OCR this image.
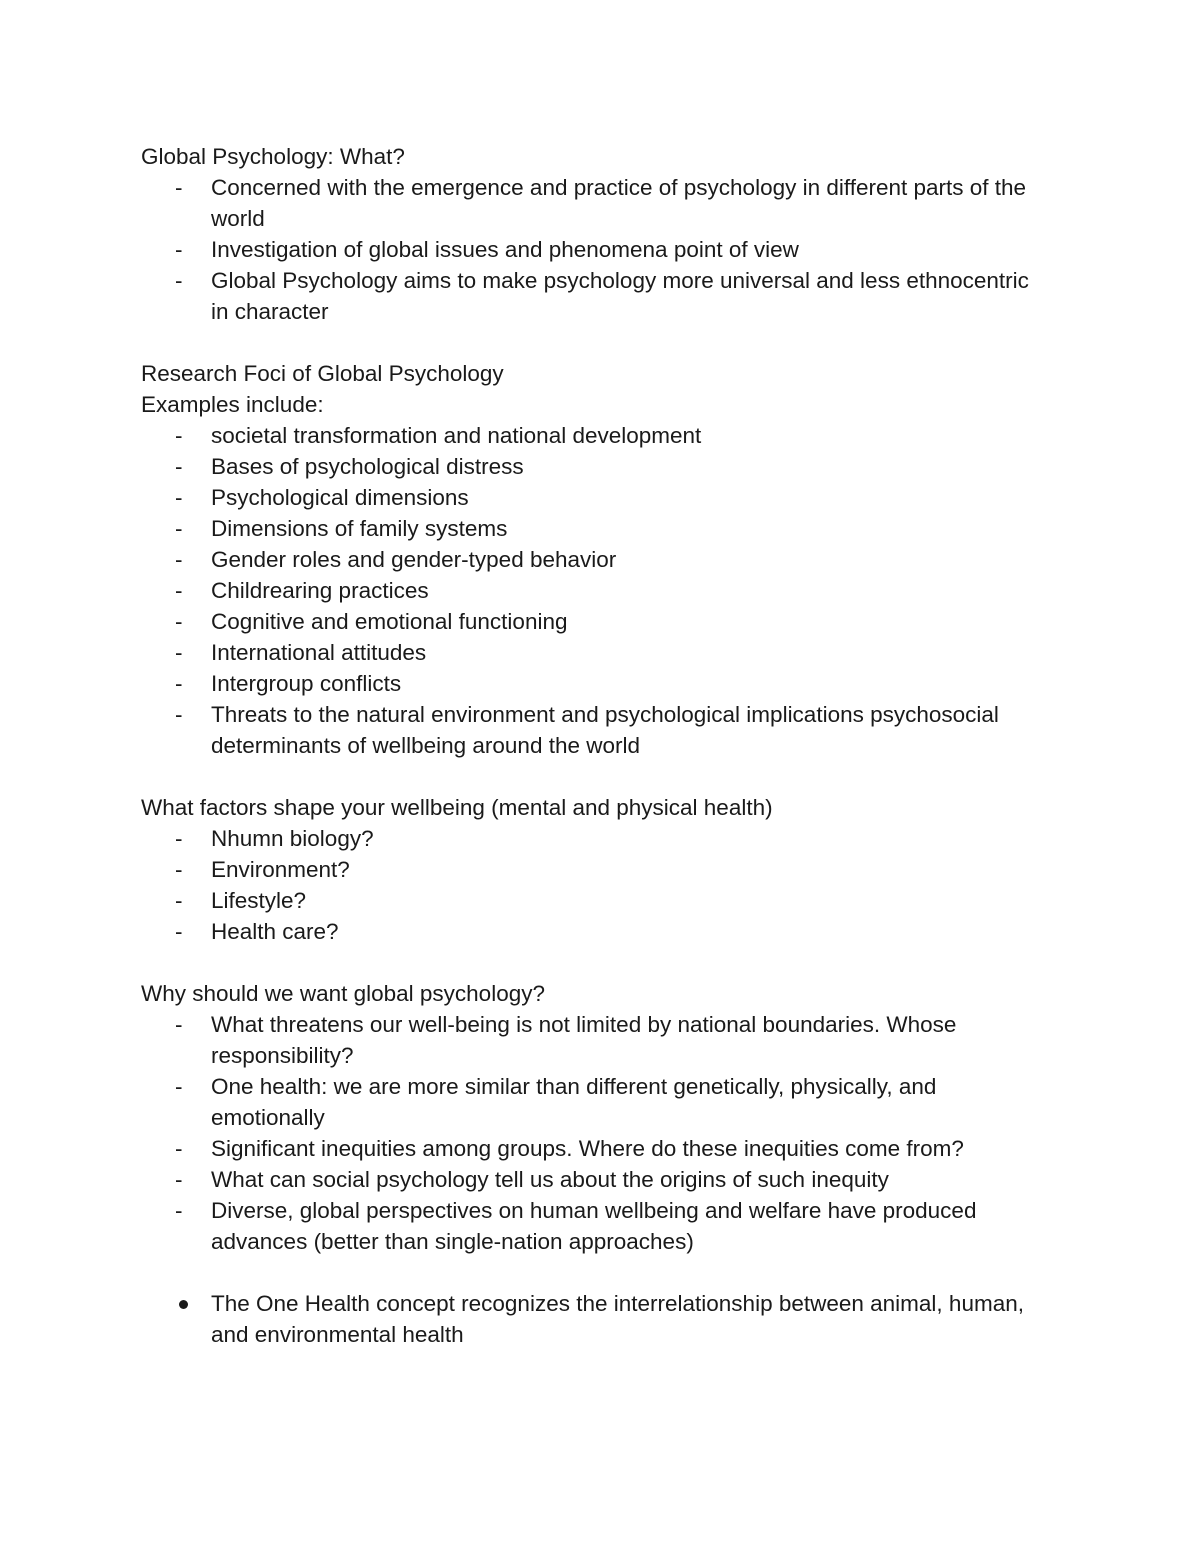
Global Psychology: What?

- Concerned with the emergence and practice of psychology in different parts of the world
- Investigation of global issues and phenomena point of view
- Global Psychology aims to make psychology more universal and less ethnocentric in character

Research Foci of Global Psychology

Examples include:

- societal transformation and national development
- Bases of psychological distress
- Psychological dimensions
- Dimensions of family systems
- Gender roles and gender-typed behavior
- Childrearing practices
- Cognitive and emotional functioning
- International attitudes
- Intergroup conflicts
- Threats to the natural environment and psychological implications psychosocial determinants of wellbeing around the world

What factors shape your wellbeing (mental and physical health)

- Nhumn biology?
- Environment?
- Lifestyle?
- Health care?

Why should we want global psychology?

- What threatens our well-being is not limited by national boundaries. Whose responsibility?
- One health: we are more similar than different genetically, physically, and emotionally
- Significant inequities among groups. Where do these inequities come from?
- What can social psychology tell us about the origins of such inequity
- Diverse, global perspectives on human wellbeing and welfare have produced advances (better than single-nation approaches)
The One Health concept recognizes the interrelationship between animal, human, and environmental health
